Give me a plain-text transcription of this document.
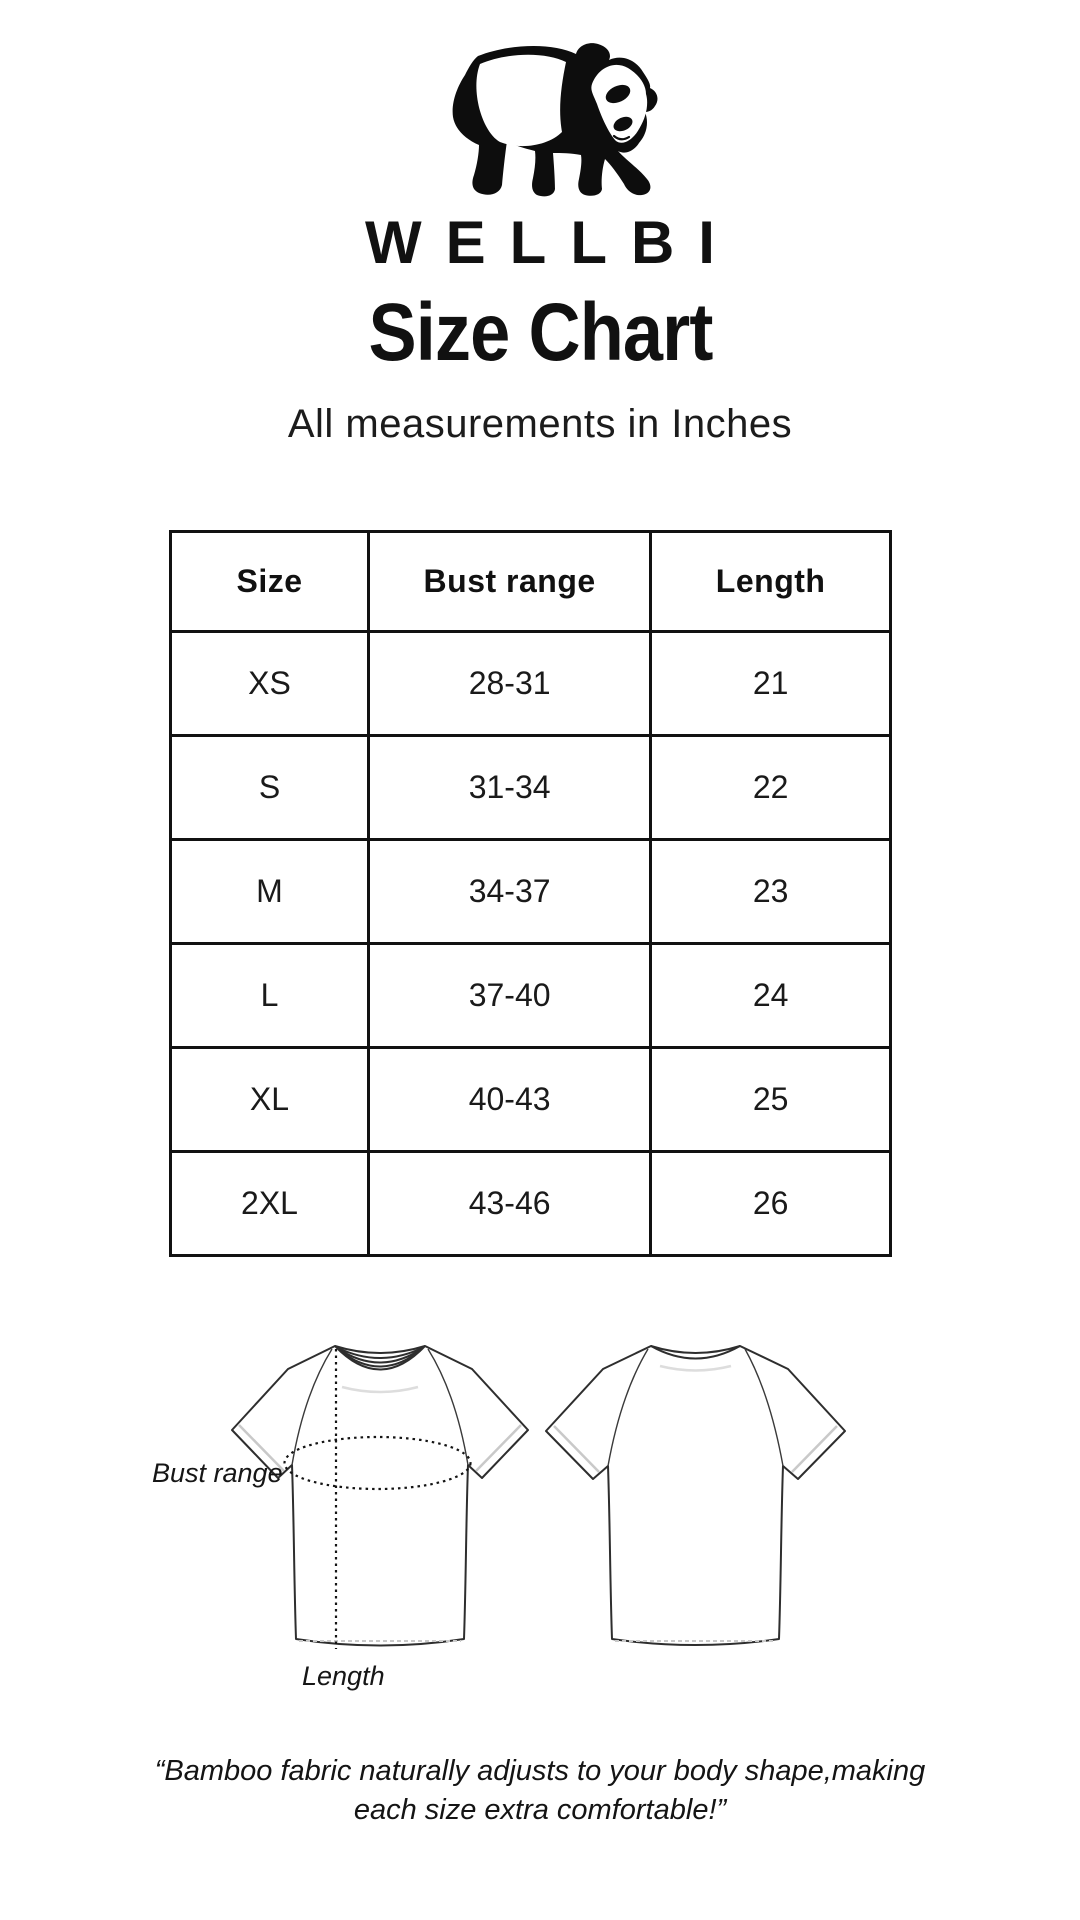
WELLBI
Size Chart
All measurements in Inches
Size	Bust range	Length
XS	28-31	21
S	31-34	22
M	34-37	23
L	37-40	24
XL	40-43	25
2XL	43-46	26
Bust range
Length
“Bamboo fabric naturally adjusts to your body shape,making
each size extra comfortable!”
